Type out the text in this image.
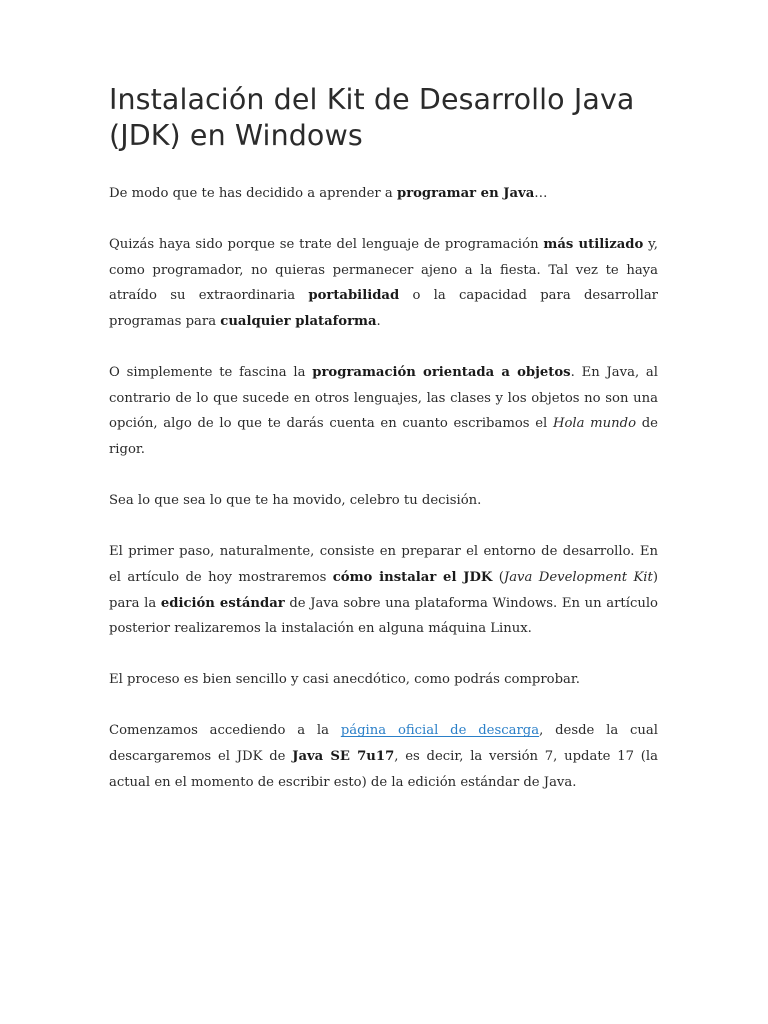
Instalación del Kit de Desarrollo Java (JDK) en Windows

De modo que te has decidido a aprender a programar en Java…

Quizás haya sido porque se trate del lenguaje de programación más utilizado y, como programador, no quieras permanecer ajeno a la fiesta. Tal vez te haya atraído su extraordinaria portabilidad o la capacidad para desarrollar programas para cualquier plataforma.

O simplemente te fascina la programación orientada a objetos. En Java, al contrario de lo que sucede en otros lenguajes, las clases y los objetos no son una opción, algo de lo que te darás cuenta en cuanto escribamos el Hola mundo de rigor.

Sea lo que sea lo que te ha movido, celebro tu decisión.

El primer paso, naturalmente, consiste en preparar el entorno de desarrollo. En el artículo de hoy mostraremos cómo instalar el JDK (Java Development Kit) para la edición estándar de Java sobre una plataforma Windows. En un artículo posterior realizaremos la instalación en alguna máquina Linux.

El proceso es bien sencillo y casi anecdótico, como podrás comprobar.

Comenzamos accediendo a la página oficial de descarga, desde la cual descargaremos el JDK de Java SE 7u17, es decir, la versión 7, update 17 (la actual en el momento de escribir esto) de la edición estándar de Java.
